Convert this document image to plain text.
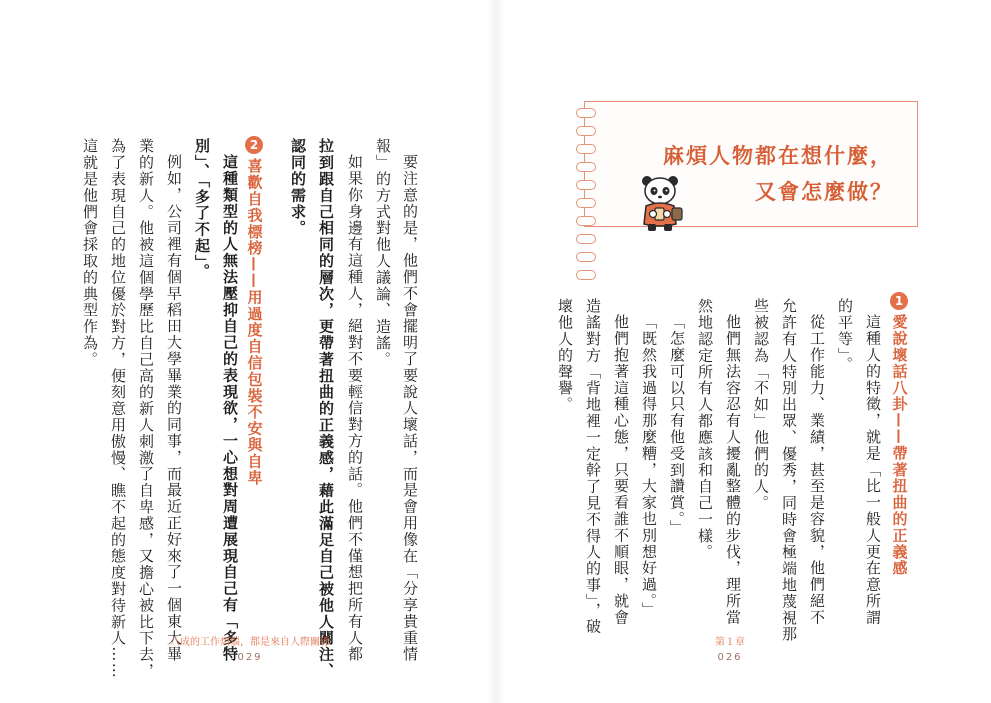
要注意的是，他們不會擺明了要說人壞話，而是會用像在「分享貴重情
報」的方式對他人議論、造謠。
如果你身邊有這種人，絕對不要輕信對方的話。他們不僅想把所有人都
拉到跟自己相同的層次，更帶著扭曲的正義感，藉此滿足自己被他人關注、
認同的需求。
2
喜歡自我標榜——用過度自信包裝不安與自卑
這種類型的人無法壓抑自己的表現欲，一心想對周遭展現自己有「多特
別」、「多了不起」。
例如，公司裡有個早稻田大學畢業的同事，而最近正好來了一個東大畢
業的新人。他被這個學歷比自己高的新人刺激了自卑感，又擔心被比下去，
為了表現自己的地位優於對方，便刻意用傲慢、瞧不起的態度對待新人……
這就是他們會採取的典型作為。
八成的工作煩惱，都是來自人際關係
029
麻煩人物都在想什麼，
又會怎麼做？
1
愛說壞話八卦——帶著扭曲的正義感
這種人的特徵，就是「比一般人更在意所謂
的平等」。
從工作能力、業績，甚至是容貌，他們絕不
允許有人特別出眾、優秀，同時會極端地蔑視那
些被認為「不如」他們的人。
他們無法容忍有人擾亂整體的步伐，理所當
然地認定所有人都應該和自己一樣。
「怎麼可以只有他受到讚賞。」
「既然我過得那麼糟，大家也別想好過。」
他們抱著這種心態，只要看誰不順眼，就會
造謠對方「背地裡一定幹了見不得人的事」，破
壞他人的聲譽。
第１章
026
